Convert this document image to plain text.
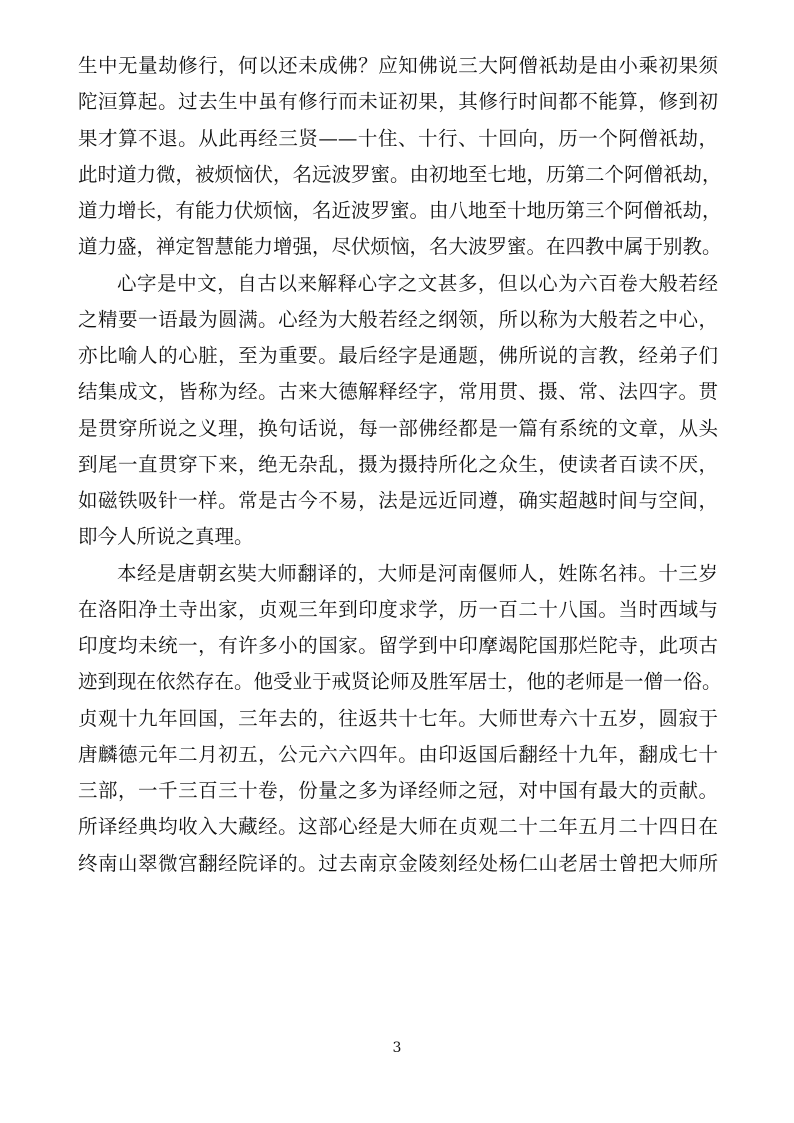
生中无量劫修行，何以还未成佛？应知佛说三大阿僧祇劫是由小乘初果须
陀洹算起。过去生中虽有修行而未证初果，其修行时间都不能算，修到初
果才算不退。从此再经三贤——十住、十行、十回向，历一个阿僧祇劫，
此时道力微，被烦恼伏，名远波罗蜜。由初地至七地，历第二个阿僧祇劫，
道力增长，有能力伏烦恼，名近波罗蜜。由八地至十地历第三个阿僧祇劫，
道力盛，禅定智慧能力增强，尽伏烦恼，名大波罗蜜。在四教中属于别教。
心字是中文，自古以来解释心字之文甚多，但以心为六百卷大般若经
之精要一语最为圆满。心经为大般若经之纲领，所以称为大般若之中心，
亦比喻人的心脏，至为重要。最后经字是通题，佛所说的言教，经弟子们
结集成文，皆称为经。古来大德解释经字，常用贯、摄、常、法四字。贯
是贯穿所说之义理，换句话说，每一部佛经都是一篇有系统的文章，从头
到尾一直贯穿下来，绝无杂乱，摄为摄持所化之众生，使读者百读不厌，
如磁铁吸针一样。常是古今不易，法是远近同遵，确实超越时间与空间，
即今人所说之真理。
本经是唐朝玄奘大师翻译的，大师是河南偃师人，姓陈名祎。十三岁
在洛阳净土寺出家，贞观三年到印度求学，历一百二十八国。当时西域与
印度均未统一，有许多小的国家。留学到中印摩竭陀国那烂陀寺，此项古
迹到现在依然存在。他受业于戒贤论师及胜军居士，他的老师是一僧一俗。
贞观十九年回国，三年去的，往返共十七年。大师世寿六十五岁，圆寂于
唐麟德元年二月初五，公元六六四年。由印返国后翻经十九年，翻成七十
三部，一千三百三十卷，份量之多为译经师之冠，对中国有最大的贡献。
所译经典均收入大藏经。这部心经是大师在贞观二十二年五月二十四日在
终南山翠微宫翻经院译的。过去南京金陵刻经处杨仁山老居士曾把大师所
3
